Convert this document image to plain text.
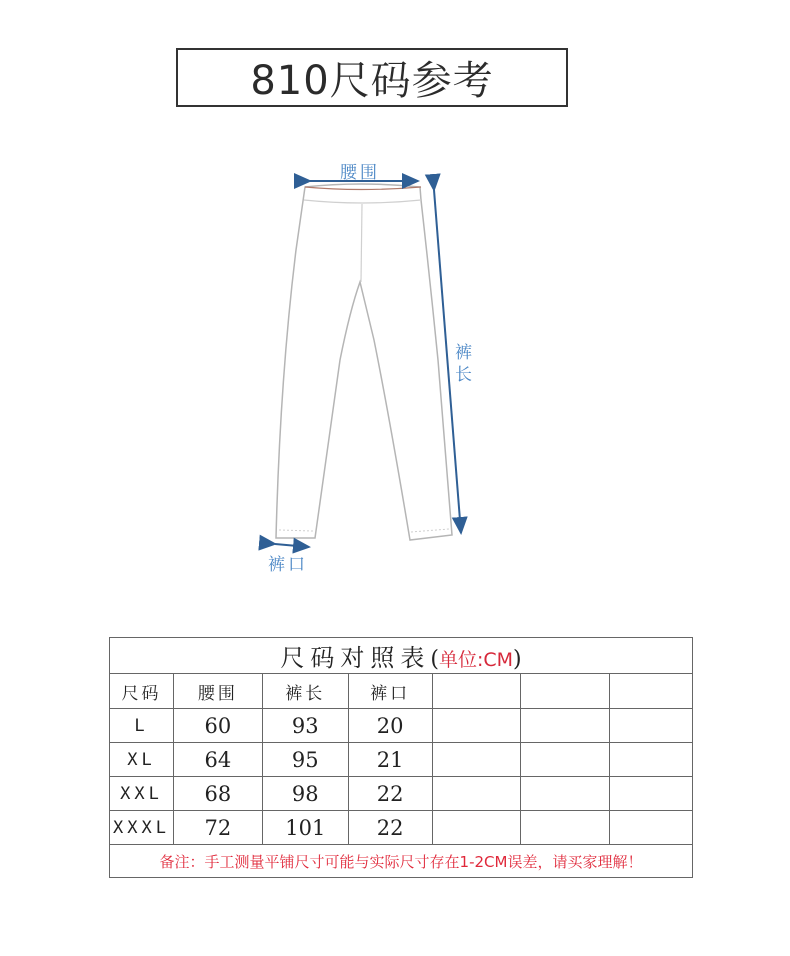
810尺码参考
腰围
裤
长
裤口
尺码对照表(单位:CM)						
尺码	腰围	裤长	裤口			
L	60	93	20			
XL	64	95	21			
XXL	68	98	22			
XXXL	72	101	22			
备注：手工测量平铺尺寸可能与实际尺寸存在1-2CM误差，请买家理解！						
